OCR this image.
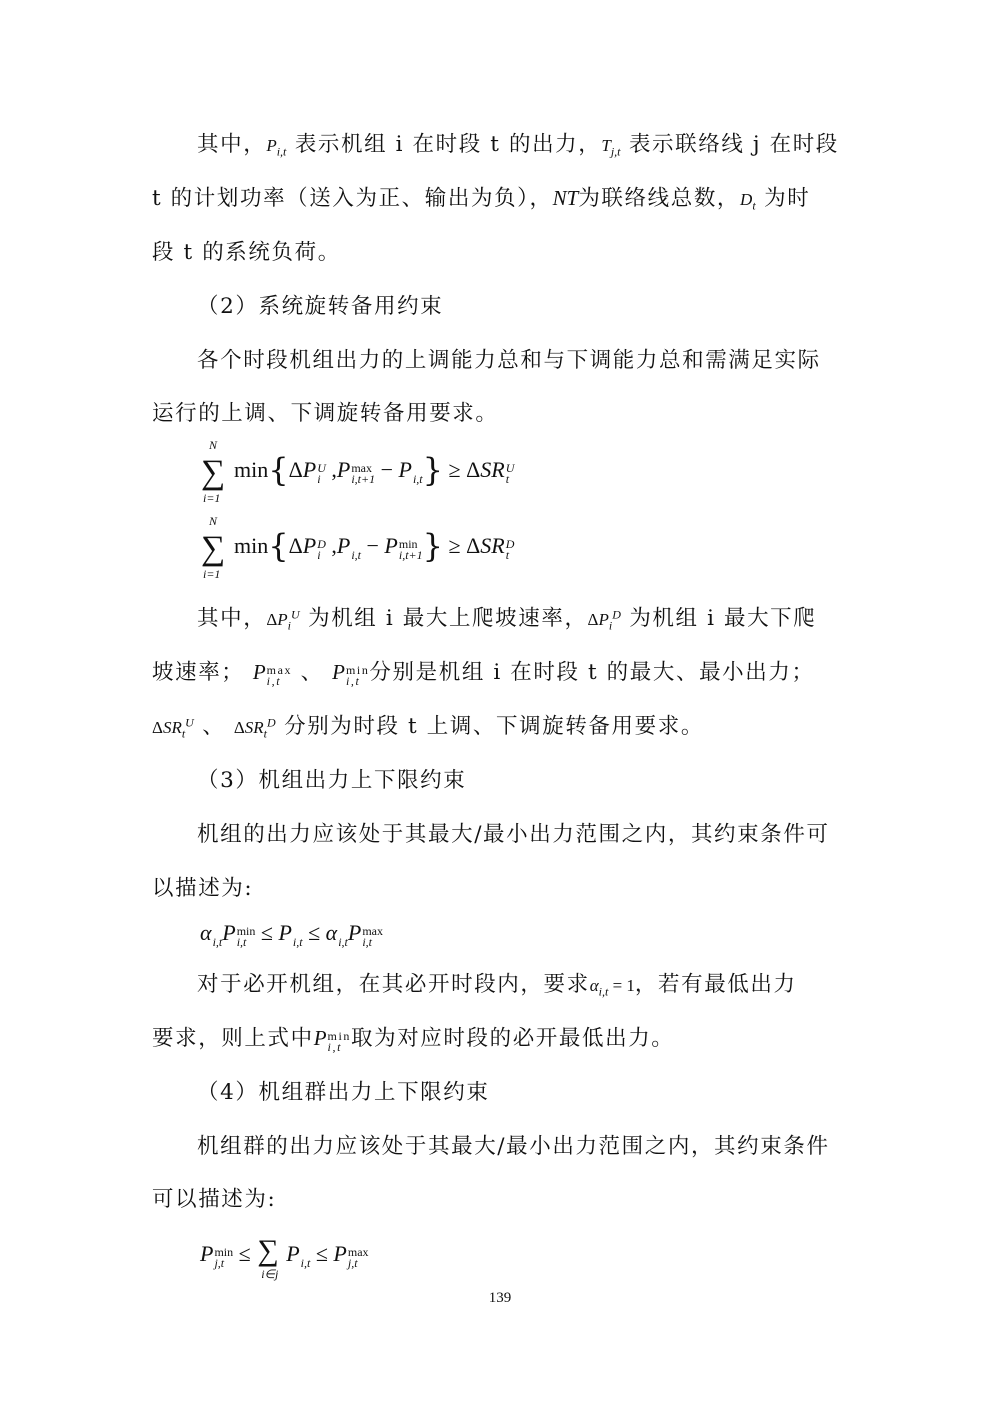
其中，$P_{i,t}$ 表示机组 i 在时段 t 的出力，$T_{j,t}$ 表示联络线 j 在时段
t 的计划功率（送入为正、输出为负），NT为联络线总数，$D_t$ 为时
段 t 的系统负荷。
（2）系统旋转备用约束
各个时段机组出力的上调能力总和与下调能力总和需满足实际
运行的上调、下调旋转备用要求。
N
∑
i=1
min{ΔP U
i ,P max
i,t+1 − P
i,t } ≥ ΔSR U
t
N
∑
i=1
min{ΔP D
i ,P
i,t − P min
i,t+1 } ≥ ΔSR D
t
其中，$\Delta P_i^U$ 为机组 i 最大上爬坡速率，$\Delta P_i^D$ 为机组 i 最大下爬
坡速率； P max
i,t 、 P min
i,t 分别是机组 i 在时段 t 的最大、最小出力；
$\Delta SR_t^U$ 、 $\Delta SR_t^D$ 分别为时段 t 上调、下调旋转备用要求。
（3）机组出力上下限约束
机组的出力应该处于其最大/最小出力范围之内，其约束条件可
以描述为:
α
i,t P min
i,t ≤ P
i,t ≤ α
i,t P max
i,t
对于必开机组，在其必开时段内，要求$\alpha_{i,t} = 1$，若有最低出力
要求，则上式中P min
i,t 取为对应时段的必开最低出力。
（4）机组群出力上下限约束
机组群的出力应该处于其最大/最小出力范围之内，其约束条件
可以描述为:
P min
j,t ≤ ∑
i∈j
P
i,t ≤ P max
j,t
139
